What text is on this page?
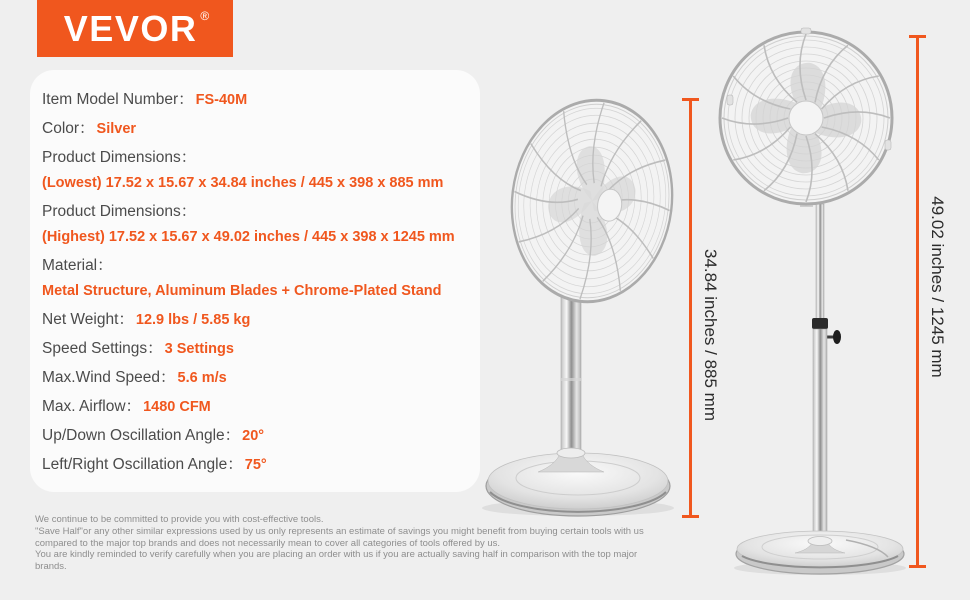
VEVOR ®
Item Model Number： FS-40M
Color： Silver
Product Dimensions：
(Lowest) 17.52 x 15.67 x 34.84 inches / 445 x 398 x 885 mm
Product Dimensions：
(Highest) 17.52 x 15.67 x 49.02 inches / 445 x 398 x 1245 mm
Material：
Metal Structure, Aluminum Blades + Chrome-Plated Stand
Net Weight： 12.9 lbs / 5.85 kg
Speed Settings： 3 Settings
Max.Wind Speed： 5.6 m/s
Max. Airflow： 1480 CFM
Up/Down Oscillation Angle： 20°
Left/Right Oscillation Angle： 75°
34.84 inches / 885 mm	49.02 inches / 1245 mm
We continue to be committed to provide you with cost-effective tools.
"Save Half"or any other similar expressions used by us only represents an estimate of savings you might benefit from buying certain tools with us
compared to the major top brands and does not necessarily mean to cover all categories of tools offered by us.
You are kindly reminded to verify carefully when you are placing an order with us if you are actually saving half in comparison with the top major brands.
